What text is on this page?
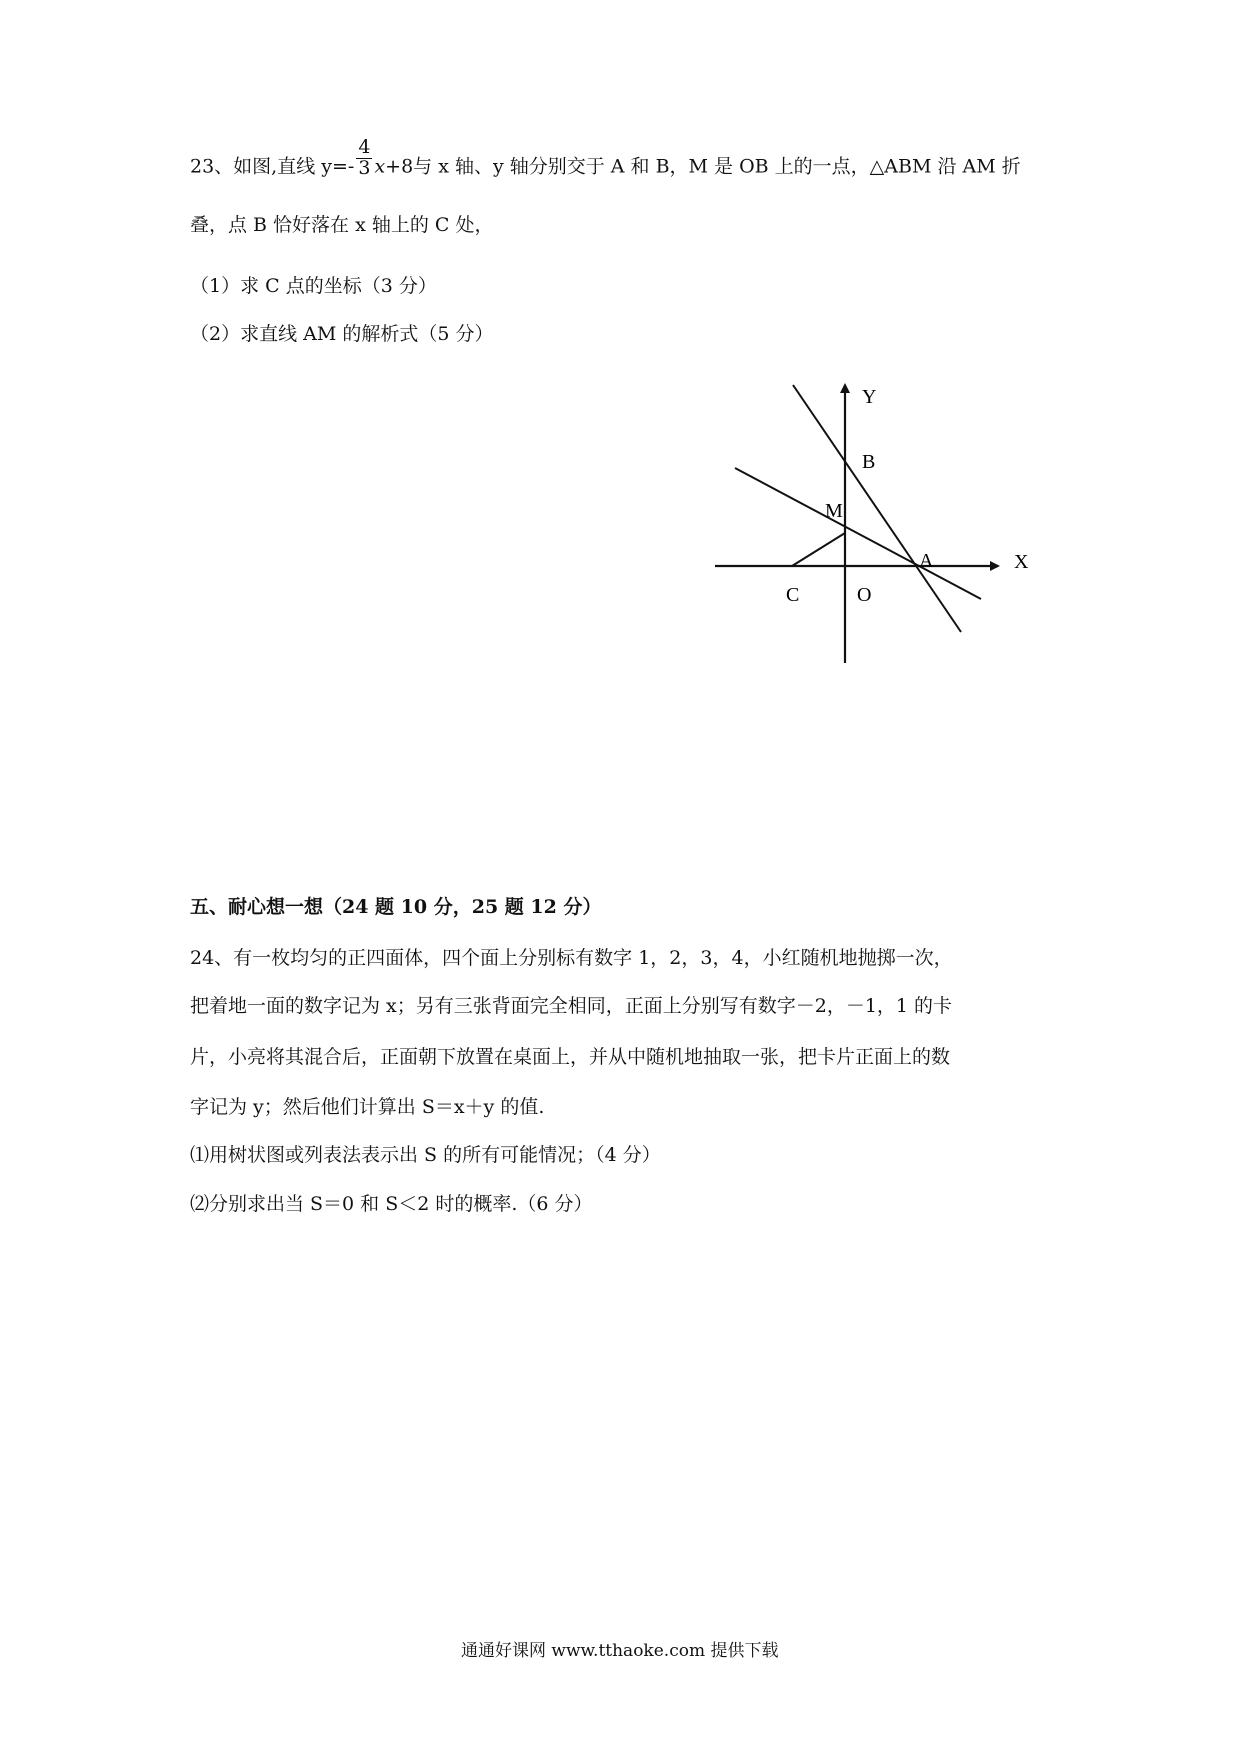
23、如图,直线 $y=- \frac{4}{3} x+8$与 x 轴、y 轴分别交于 A 和 B，M 是 OB 上的一点，△ABM 沿 AM 折
叠，点 B 恰好落在 x 轴上的 C 处，
（1）求 C 点的坐标（3 分）
（2）求直线 AM 的解析式（5 分）
Y
X
B
M
A
C	O
五、耐心想一想（24 题 10 分，25 题 12 分）
24、有一枚均匀的正四面体，四个面上分别标有数字 1，2，3，4，小红随机地抛掷一次，
把着地一面的数字记为 x；另有三张背面完全相同，正面上分别写有数字－2，－1，1 的卡
片，小亮将其混合后，正面朝下放置在桌面上，并从中随机地抽取一张，把卡片正面上的数
字记为 y；然后他们计算出 S＝x＋y 的值.
⑴用树状图或列表法表示出 S 的所有可能情况；（4 分）
⑵分别求出当 S＝0 和 S＜2 时的概率.（6 分）
通通好课网 www.tthaoke.com 提供下载
